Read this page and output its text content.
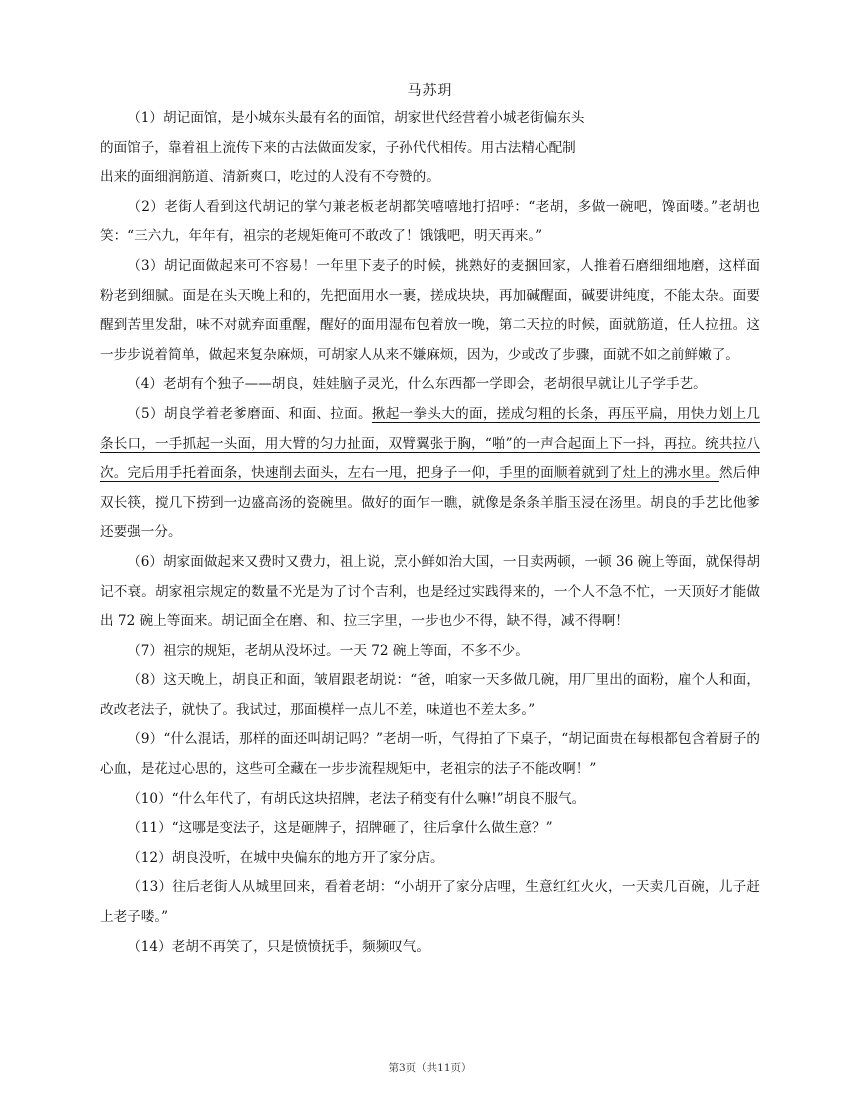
马苏玥

（1）胡记面馆，是小城东头最有名的面馆，胡家世代经营着小城老街偏东头

的面馆子，靠着祖上流传下来的古法做面发家，子孙代代相传。用古法精心配制

出来的面细润筋道、清新爽口，吃过的人没有不夸赞的。

（2）老街人看到这代胡记的掌勺兼老板老胡都笑嘻嘻地打招呼：“老胡，多做一碗吧，馋面喽。”老胡也笑：“三六九，年年有，祖宗的老规矩俺可不敢改了！饿饿吧，明天再来。”

（3）胡记面做起来可不容易！一年里下麦子的时候，挑熟好的麦捆回家，人推着石磨细细地磨，这样面粉老到细腻。面是在头天晚上和的，先把面用水一裹，搓成块块，再加碱醒面，碱要讲纯度，不能太杂。面要醒到苦里发甜，味不对就弃面重醒，醒好的面用湿布包着放一晚，第二天拉的时候，面就筋道，任人拉扭。这一步步说着简单，做起来复杂麻烦，可胡家人从来不嫌麻烦，因为，少或改了步骤，面就不如之前鲜嫩了。

（4）老胡有个独子——胡良，娃娃脑子灵光，什么东西都一学即会，老胡很早就让儿子学手艺。

（5）胡良学着老爹磨面、和面、拉面。揪起一拳头大的面，搓成匀粗的长条，再压平扁，用快力划上几条长口，一手抓起一头面，用大臂的匀力扯面，双臂翼张于胸，“啪”的一声合起面上下一抖，再拉。统共拉八次。完后用手托着面条，快速削去面头，左右一甩，把身子一仰，手里的面顺着就到了灶上的沸水里。然后伸双长筷，搅几下捞到一边盛高汤的瓷碗里。做好的面乍一瞧，就像是条条羊脂玉浸在汤里。胡良的手艺比他爹还要强一分。

（6）胡家面做起来又费时又费力，祖上说，烹小鲜如治大国，一日卖两顿，一顿 36 碗上等面，就保得胡记不衰。胡家祖宗规定的数量不光是为了讨个吉利，也是经过实践得来的，一个人不急不忙，一天顶好才能做出 72 碗上等面来。胡记面全在磨、和、拉三字里，一步也少不得，缺不得，减不得啊！

（7）祖宗的规矩，老胡从没坏过。一天 72 碗上等面，不多不少。

（8）这天晚上，胡良正和面，皱眉跟老胡说：“爸，咱家一天多做几碗，用厂里出的面粉，雇个人和面，改改老法子，就快了。我试过，那面模样一点儿不差，味道也不差太多。”

（9）“什么混话，那样的面还叫胡记吗？”老胡一听，气得拍了下桌子，“胡记面贵在每根都包含着厨子的心血，是花过心思的，这些可全藏在一步步流程规矩中，老祖宗的法子不能改啊！”

（10）“什么年代了，有胡氏这块招牌，老法子稍变有什么嘛!”胡良不服气。

（11）“这哪是变法子，这是砸牌子，招牌砸了，往后拿什么做生意？”

（12）胡良没听，在城中央偏东的地方开了家分店。

（13）往后老街人从城里回来，看着老胡：“小胡开了家分店哩，生意红红火火，一天卖几百碗，儿子赶上老子喽。”

（14）老胡不再笑了，只是愤愤抚手，频频叹气。

第3页（共11页）
